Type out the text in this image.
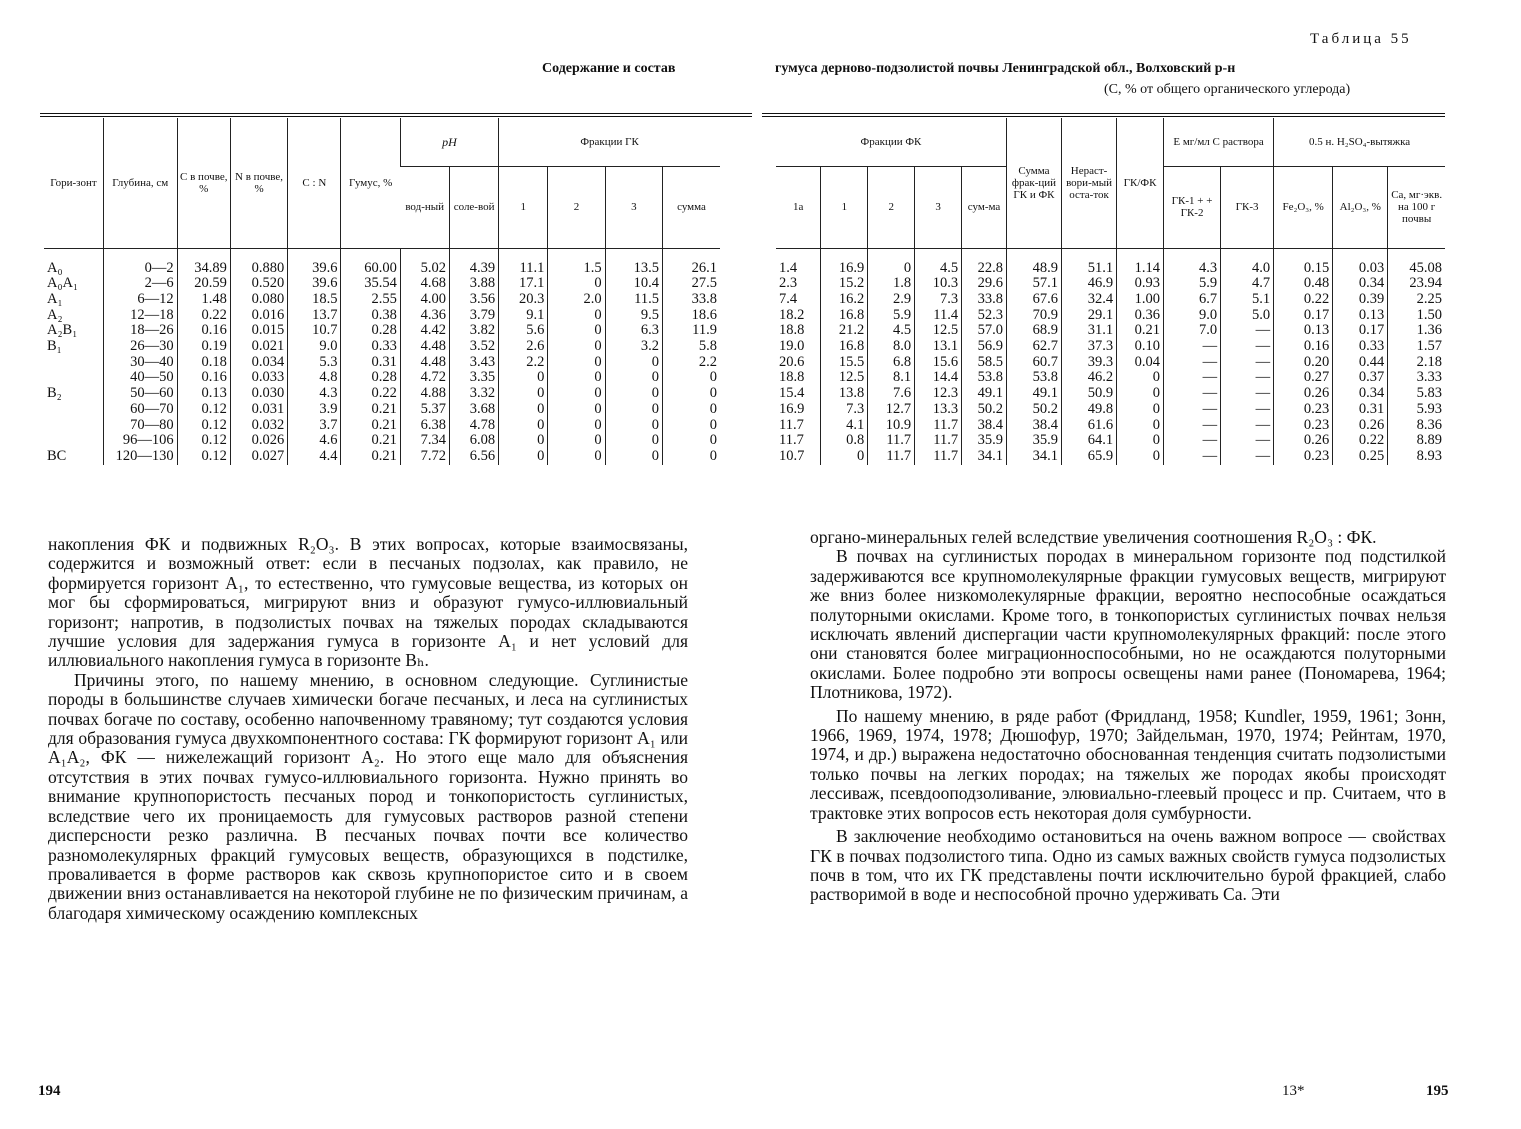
Содержание и состав
Гори-зонт	Глубина, см	С в почве, %	N в почве, %	С : N	Гумус, %	pH		Фракции ГК			
						вод-ный	соле-вой	1	2	3	сумма
A₀	0—2	34.89	0.880	39.6	60.00	5.02	4.39	11.1	1.5	13.5	26.1
A₀A₁	2—6	20.59	0.520	39.6	35.54	4.68	3.88	17.1	0	10.4	27.5
A₁	6—12	1.48	0.080	18.5	2.55	4.00	3.56	20.3	2.0	11.5	33.8
A₂	12—18	0.22	0.016	13.7	0.38	4.36	3.79	9.1	0	9.5	18.6
A₂B₁	18—26	0.16	0.015	10.7	0.28	4.42	3.82	5.6	0	6.3	11.9
B₁	26—30	0.19	0.021	9.0	0.33	4.48	3.52	2.6	0	3.2	5.8
	30—40	0.18	0.034	5.3	0.31	4.48	3.43	2.2	0	0	2.2
	40—50	0.16	0.033	4.8	0.28	4.72	3.35	0	0	0	0
B₂	50—60	0.13	0.030	4.3	0.22	4.88	3.32	0	0	0	0
	60—70	0.12	0.031	3.9	0.21	5.37	3.68	0	0	0	0
	70—80	0.12	0.032	3.7	0.21	6.38	4.78	0	0	0	0
	96—106	0.12	0.026	4.6	0.21	7.34	6.08	0	0	0	0
BC	120—130	0.12	0.027	4.4	0.21	7.72	6.56	0	0	0	0

накопления ФК и подвижных R₂O₃. В этих вопросах, которые взаимосвязаны, содержится и возможный ответ: если в песчаных подзолах, как правило, не формируется горизонт A₁, то естественно, что гумусовые вещества, из которых он мог бы сформироваться, мигрируют вниз и образуют гумусо-иллювиальный горизонт; напротив, в подзолистых почвах на тяжелых породах складываются лучшие условия для задержания гумуса в горизонте A₁ и нет условий для иллювиального накопления гумуса в горизонте Bₕ.

Причины этого, по нашему мнению, в основном следующие. Суглинистые породы в большинстве случаев химически богаче песчаных, и леса на суглинистых почвах богаче по составу, особенно напочвенному травяному; тут создаются условия для образования гумуса двухкомпонентного состава: ГК формируют горизонт A₁ или A₁A₂, ФК — нижележащий горизонт A₂. Но этого еще мало для объяснения отсутствия в этих почвах гумусо-иллювиального горизонта. Нужно принять во внимание крупнопористость песчаных пород и тонкопористость суглинистых, вследствие чего их проницаемость для гумусовых растворов разной степени дисперсности резко различна. В песчаных почвах почти все количество разномолекулярных фракций гумусовых веществ, образующихся в подстилке, проваливается в форме растворов как сквозь крупнопористое сито и в своем движении вниз останавливается на некоторой глубине не по физическим причинам, а благодаря химическому осаждению комплексных

194
Таблица 55
гумуса дерново-подзолистой почвы Ленинградской обл., Волховский р-н
(С, % от общего органического углерода)
Фракции ФК					Сумма фрак-ций ГК и ФК	Нераст-вори-мый оста-ток	ГК/ФК	E мг/мл C раствора		0.5 н. H₂SO₄-вытяжка		
1а	1	2	3	сум-ма				ГК-1 + + ГК-2	ГК-3	Fe₂O₃, %	Al₂O₃, %	Ca, мг·экв. на 100 г почвы
1.4	16.9	0	4.5	22.8	48.9	51.1	1.14	4.3	4.0	0.15	0.03	45.08
2.3	15.2	1.8	10.3	29.6	57.1	46.9	0.93	5.9	4.7	0.48	0.34	23.94
7.4	16.2	2.9	7.3	33.8	67.6	32.4	1.00	6.7	5.1	0.22	0.39	2.25
18.2	16.8	5.9	11.4	52.3	70.9	29.1	0.36	9.0	5.0	0.17	0.13	1.50
18.8	21.2	4.5	12.5	57.0	68.9	31.1	0.21	7.0	—	0.13	0.17	1.36
19.0	16.8	8.0	13.1	56.9	62.7	37.3	0.10	—	—	0.16	0.33	1.57
20.6	15.5	6.8	15.6	58.5	60.7	39.3	0.04	—	—	0.20	0.44	2.18
18.8	12.5	8.1	14.4	53.8	53.8	46.2	0	—	—	0.27	0.37	3.33
15.4	13.8	7.6	12.3	49.1	49.1	50.9	0	—	—	0.26	0.34	5.83
16.9	7.3	12.7	13.3	50.2	50.2	49.8	0	—	—	0.23	0.31	5.93
11.7	4.1	10.9	11.7	38.4	38.4	61.6	0	—	—	0.23	0.26	8.36
11.7	0.8	11.7	11.7	35.9	35.9	64.1	0	—	—	0.26	0.22	8.89
10.7	0	11.7	11.7	34.1	34.1	65.9	0	—	—	0.23	0.25	8.93

органо-минеральных гелей вследствие увеличения соотношения R₂O₃ : ФК.

В почвах на суглинистых породах в минеральном горизонте под подстилкой задерживаются все крупномолекулярные фракции гумусовых веществ, мигрируют же вниз более низкомолекулярные фракции, вероятно неспособные осаждаться полуторными окислами. Кроме того, в тонкопористых суглинистых почвах нельзя исключать явлений диспергации части крупномолекулярных фракций: после этого они становятся более миграционноспособными, но не осаждаются полуторными окислами. Более подробно эти вопросы освещены нами ранее (Пономарева, 1964; Плотникова, 1972).

По нашему мнению, в ряде работ (Фридланд, 1958; Kundler, 1959, 1961; Зонн, 1966, 1969, 1974, 1978; Дюшофур, 1970; Зайдельман, 1970, 1974; Рейнтам, 1970, 1974, и др.) выражена недостаточно обоснованная тенденция считать подзолистыми только почвы на легких породах; на тяжелых же породах якобы происходят лессиваж, псевдооподзоливание, элювиально-глеевый процесс и пр. Считаем, что в трактовке этих вопросов есть некоторая доля сумбурности.

В заключение необходимо остановиться на очень важном вопросе — свойствах ГК в почвах подзолистого типа. Одно из самых важных свойств гумуса подзолистых почв в том, что их ГК представлены почти исключительно бурой фракцией, слабо растворимой в воде и неспособной прочно удерживать Ca. Эти

13*	195
